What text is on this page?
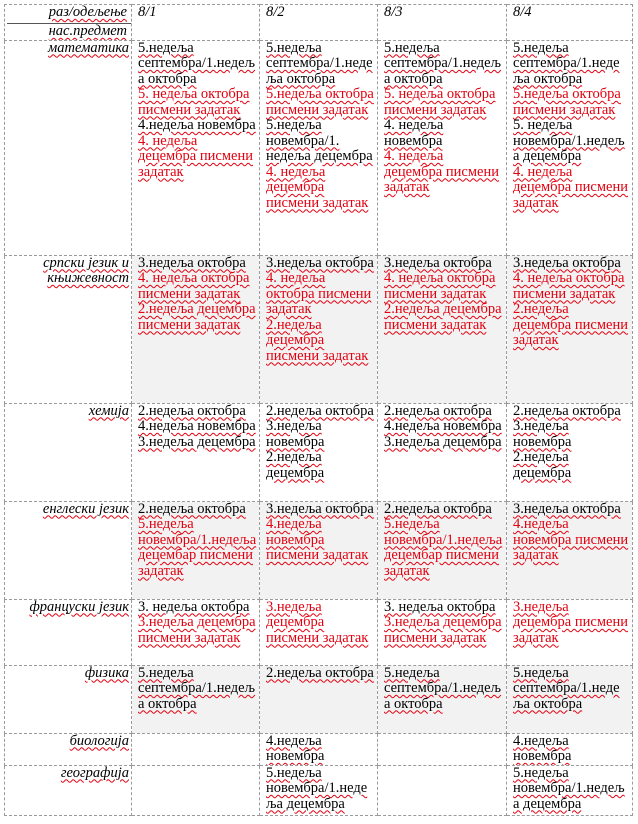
раз/одељење
нас.предмет	8/1	8/2	8/3	8/4
математика	5.недеља септембра/1.недеља октобра
5. недеља октобра писмени задатак
4.недеља новембра
4. недеља децембра писмени задатак	5.недеља септембра/1.недеља октобра
5.недеља октобра писмени задатак
5.недеља новембра/1. недеља децембра
4. недеља децембра писмени задатак	5.недеља септембра/1.недеља октобра
5. недеља октобра писмени задатак
4. недеља новембра
4. недеља децембра писмени задатак	5.недеља септембра/1.недеља октобра
5.недеља октобра писмени задатак
5. недеља новембра/1.недеља децембра
4. недеља децембра писмени задатак

српски језик и књижевност	3.недеља октобра
4. недеља октобра писмени задатак
2.недеља децембра писмени задатак	3.недеља октобра
4. недеља октобра писмени задатак
2.недеља децембра писмени задатак	3.недеља октобра
4. недеља октобра писмени задатак
2.недеља децембра писмени задатак	3.недеља октобра
4. недеља октобра писмени задатак
2.недеља децембра писмени задатак

хемија	2.недеља октобра
4.недеља новембра
3.недеља децембра	2.недеља октобра
3.недеља новембра
2.недеља децембра	2.недеља октобра
4.недеља новембра
3.недеља децембра	2.недеља октобра
3.недеља новембра
2.недеља децембра

енглески језик	2.недеља октобра
5.недеља новембра/1.недеља децембар писмени задатак	3.недеља октобра
4.недеља новембра писмени задатак	2.недеља октобра
5.недеља новембра/1.недеља децембар писмени задатак	3.недеља октобра
4.недеља новембра писмени задатак

француски језик	3. недеља октобра
3.недеља децембра писмени задатак	3.недеља децембра писмени задатак	3. недеља октобра
3.недеља децембра писмени задатак	3.недеља децембра писмени задатак

физика	5.недеља септембра/1.недеља октобра	2.недеља октобра	5.недеља септембра/1.недеља октобра	5.недеља септембра/1.недеља октобра

биологија		4.недеља новембра		4.недеља новембра

географија		5.недеља новембра/1.недеља децембра		5.недеља новембра/1.недеља децембра
